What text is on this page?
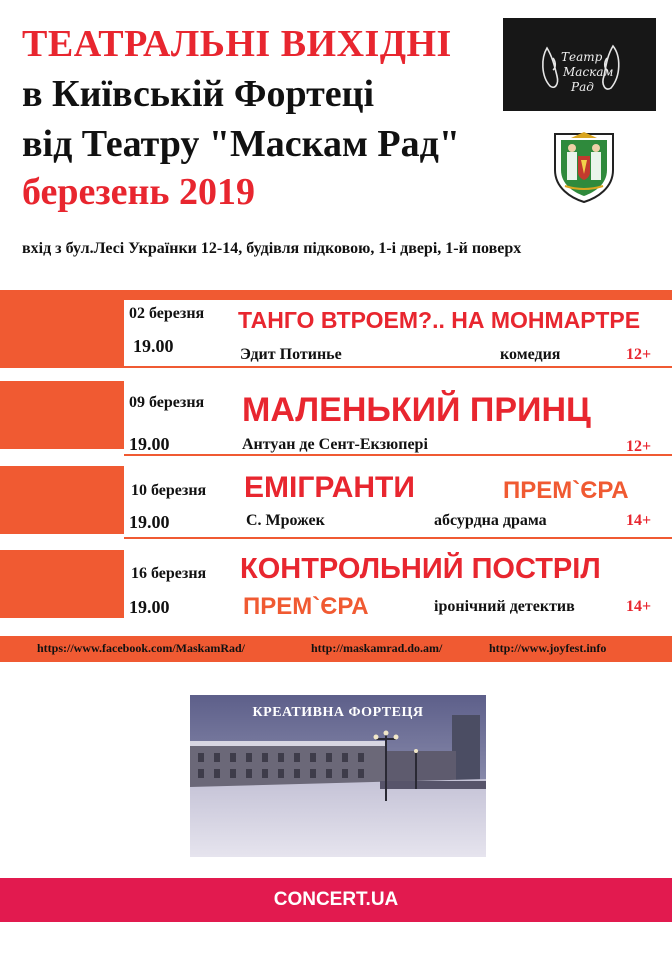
ТЕАТРАЛЬНІ ВИХІДНІ
в Київській Фортеці
від Театру "Маскам Рад"
березень 2019
вхід з бул.Лесі Українки 12-14, будівля підковою, 1-і двері, 1-й поверх
Театр
Маскам
Рад
02 березня
19.00
ТАНГО ВТРОЕМ?.. НА МОНМАРТРЕ
Эдит Потинье	комедия	12+
09 березня
19.00
МАЛЕНЬКИЙ ПРИНЦ
Антуан де Сент-Екзюпері	12+
10 березня
19.00
ЕМІГРАНТИ	ПРЕМ`ЄРА
С. Мрожек	абсурдна драма	14+
16 березня
19.00
КОНТРОЛЬНИЙ ПОСТРІЛ
ПРЕМ`ЄРА	іронічний детектив	14+
https://www.facebook.com/MaskamRad/	http://maskamrad.do.am/	http://www.joyfest.info
КРЕАТИВНА ФОРТЕЦЯ
CONCERT.UA
